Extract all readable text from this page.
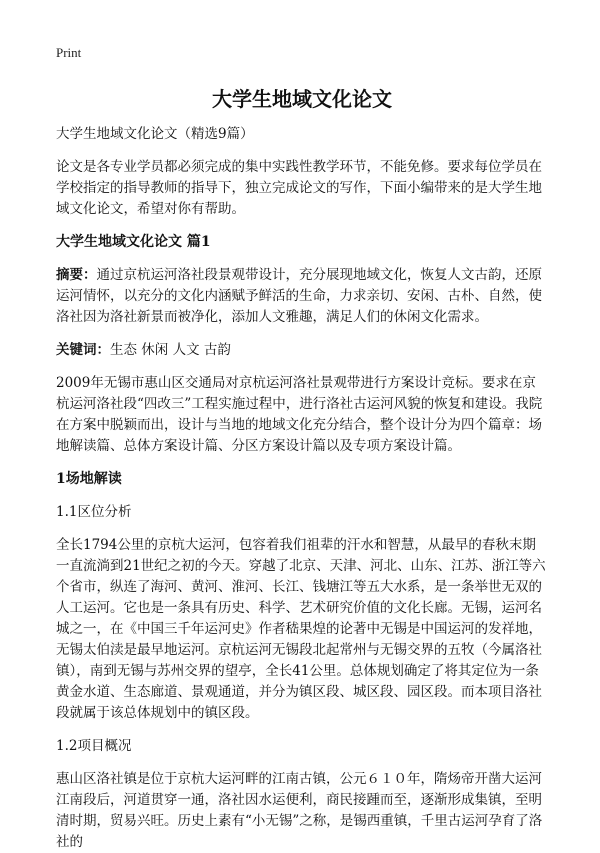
Print
大学生地域文化论文

大学生地域文化论文（精选9篇）

论文是各专业学员都必须完成的集中实践性教学环节，不能免修。要求每位学员在学校指定的指导教师的指导下，独立完成论文的写作，下面小编带来的是大学生地域文化论文，希望对你有帮助。

大学生地域文化论文 篇1

摘要：通过京杭运河洛社段景观带设计，充分展现地域文化，恢复人文古韵，还原运河情怀，以充分的文化内涵赋予鲜活的生命，力求亲切、安闲、古朴、自然，使洛社因为洛社新景而被净化，添加人文雅趣，满足人们的休闲文化需求。

关键词：生态 休闲 人文 古韵

2009年无锡市惠山区交通局对京杭运河洛社景观带进行方案设计竞标。要求在京杭运河洛社段“四改三”工程实施过程中，进行洛社古运河风貌的恢复和建设。我院在方案中脱颖而出，设计与当地的地域文化充分结合，整个设计分为四个篇章：场地解读篇、总体方案设计篇、分区方案设计篇以及专项方案设计篇。

1场地解读

1.1区位分析

全长1794公里的京杭大运河，包容着我们祖辈的汗水和智慧，从最早的春秋末期一直流淌到21世纪之初的今天。穿越了北京、天津、河北、山东、江苏、浙江等六个省市，纵连了海河、黄河、淮河、长江、钱塘江等五大水系，是一条举世无双的人工运河。它也是一条具有历史、科学、艺术研究价值的文化长廊。无锡，运河名城之一，在《中国三千年运河史》作者嵇果煌的论著中无锡是中国运河的发祥地，无锡太伯渎是最早地运河。京杭运河无锡段北起常州与无锡交界的五牧（今属洛社镇），南到无锡与苏州交界的望亭，全长41公里。总体规划确定了将其定位为一条黄金水道、生态廊道、景观通道，并分为镇区段、城区段、园区段。而本项目洛社段就属于该总体规划中的镇区段。

1.2项目概况

惠山区洛社镇是位于京杭大运河畔的江南古镇，公元６１０年，隋炀帝开凿大运河江南段后，河道贯穿一通，洛社因水运便利，商民接踵而至，逐渐形成集镇，至明清时期，贸易兴旺。历史上素有“小无锡”之称，是锡西重镇，千里古运河孕育了洛社的
